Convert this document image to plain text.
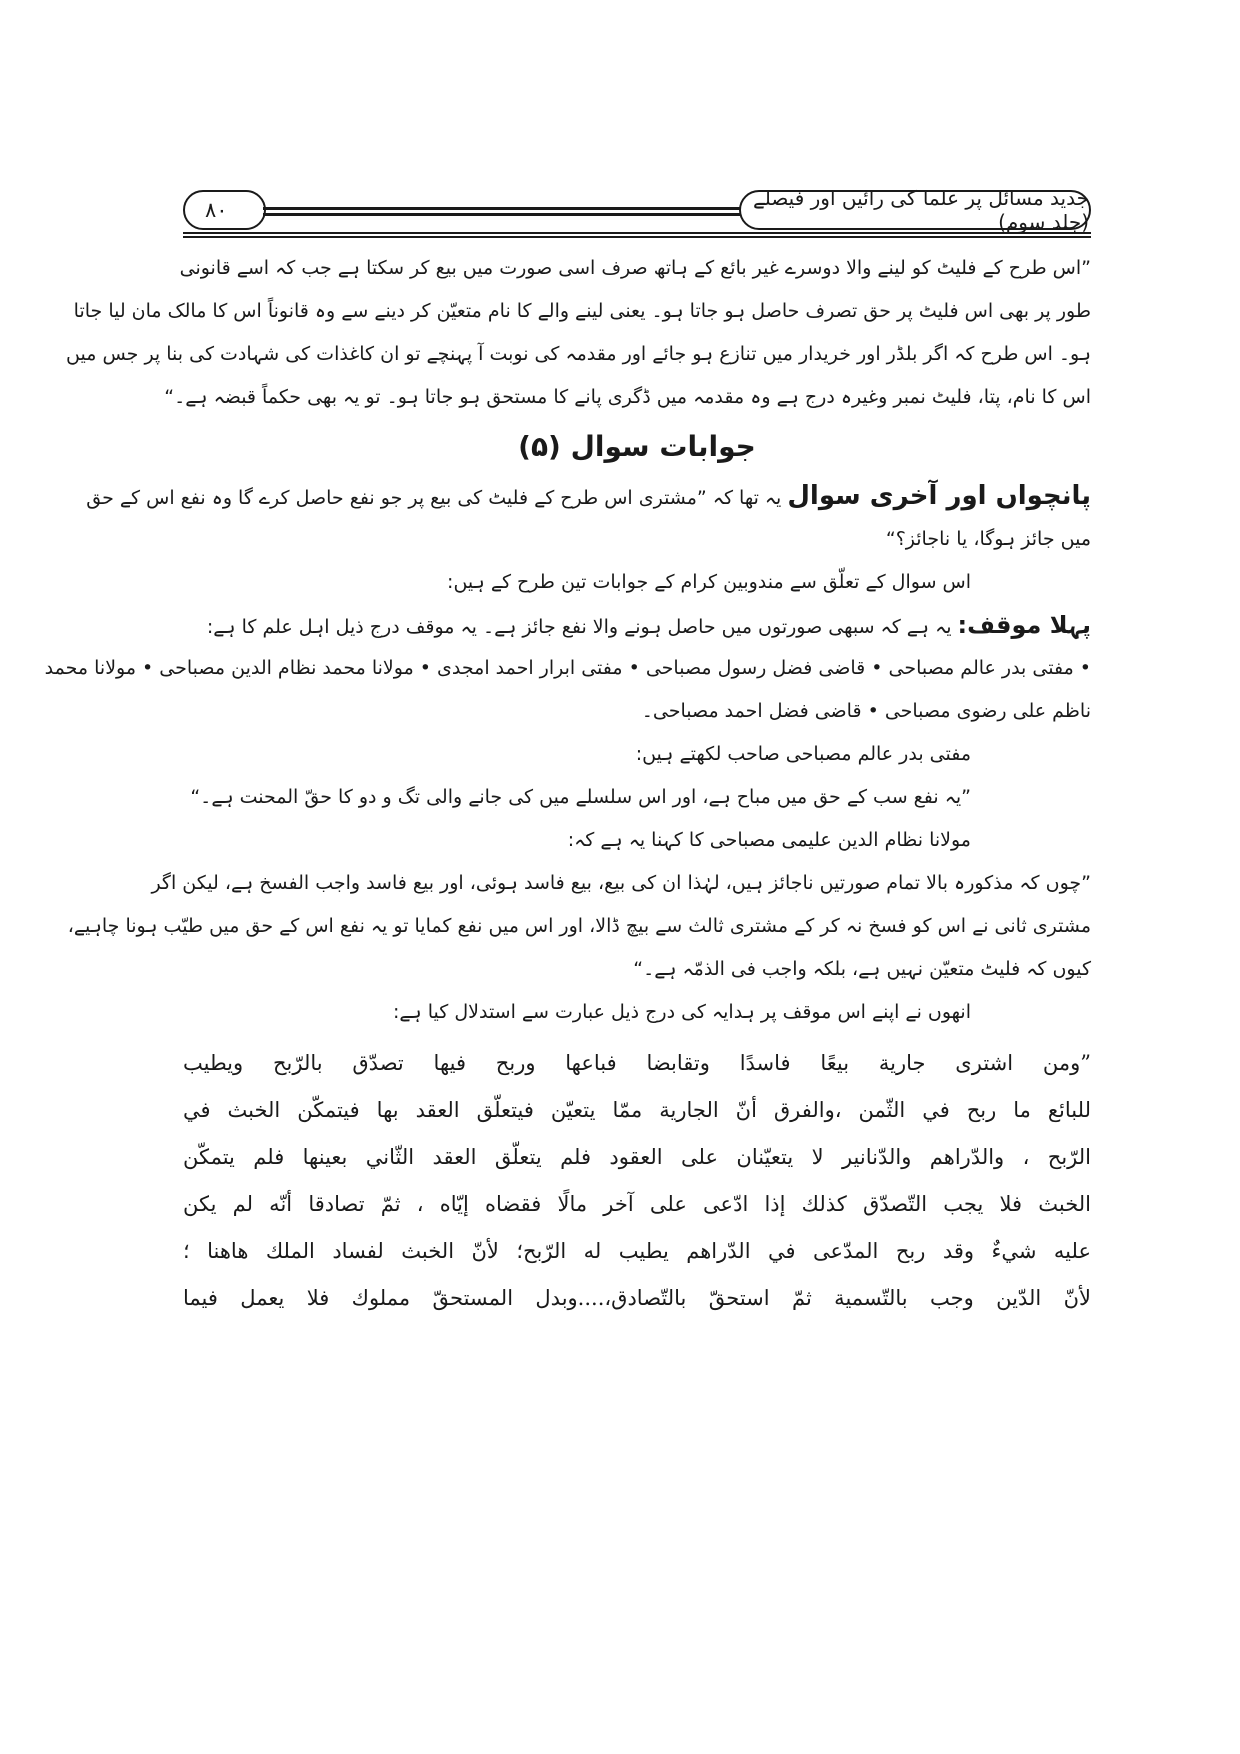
۸۰	جدید مسائل پر علما کی رائیں اور فیصلے (جلد سوم)
”اس طرح کے فلیٹ کو لینے والا دوسرے غیر بائع کے ہاتھ صرف اسی صورت میں بیع کر سکتا ہے جب کہ اسے قانونی
طور پر بھی اس فلیٹ پر حق تصرف حاصل ہو جاتا ہو۔ یعنی لینے والے کا نام متعیّن کر دینے سے وہ قانوناً اس کا مالک مان لیا جاتا
ہو۔ اس طرح کہ اگر بلڈر اور خریدار میں تنازع ہو جائے اور مقدمہ کی نوبت آ پہنچے تو ان کاغذات کی شہادت کی بنا پر جس میں
اس کا نام، پتا، فلیٹ نمبر وغیرہ درج ہے وہ مقدمہ میں ڈگری پانے کا مستحق ہو جاتا ہو۔ تو یہ بھی حکماً قبضہ ہے۔“
جوابات سوال (۵)
پانچواں اور آخری سوال یہ تھا کہ ”مشتری اس طرح کے فلیٹ کی بیع پر جو نفع حاصل کرے گا وہ نفع اس کے حق
میں جائز ہوگا، یا ناجائز؟“
اس سوال کے تعلّق سے مندوبین کرام کے جوابات تین طرح کے ہیں:
پہلا موقف: یہ ہے کہ سبھی صورتوں میں حاصل ہونے والا نفع جائز ہے۔ یہ موقف درج ذیل اہل علم کا ہے:
• مفتی بدر عالم مصباحی • قاضی فضل رسول مصباحی • مفتی ابرار احمد امجدی • مولانا محمد نظام الدین مصباحی • مولانا محمد
ناظم علی رضوی مصباحی • قاضی فضل احمد مصباحی۔
مفتی بدر عالم مصباحی صاحب لکھتے ہیں:
”یہ نفع سب کے حق میں مباح ہے، اور اس سلسلے میں کی جانے والی تگ و دو کا حقّ المحنت ہے۔“
مولانا نظام الدین علیمی مصباحی کا کہنا یہ ہے کہ:
”چوں کہ مذکورہ بالا تمام صورتیں ناجائز ہیں، لہٰذا ان کی بیع، بیع فاسد ہوئی، اور بیع فاسد واجب الفسخ ہے، لیکن اگر
مشتری ثانی نے اس کو فسخ نہ کر کے مشتری ثالث سے بیچ ڈالا، اور اس میں نفع کمایا تو یہ نفع اس کے حق میں طیّب ہونا چاہیے،
کیوں کہ فلیٹ متعیّن نہیں ہے، بلکہ واجب فی الذمّہ ہے۔“
انھوں نے اپنے اس موقف پر ہدایہ کی درج ذیل عبارت سے استدلال کیا ہے:
”ومن اشترى جارية بيعًا فاسدًا وتقابضا فباعها وربح فيها تصدّق بالرّبح ويطيب
للبائع ما ربح في الثّمن ،والفرق أنّ الجارية ممّا يتعيّن فيتعلّق العقد بها فيتمكّن الخبث في
الرّبح ، والدّراهم والدّنانير لا يتعيّنان على العقود فلم يتعلّق العقد الثّاني بعينها فلم يتمكّن
الخبث فلا يجب التّصدّق كذلك إذا ادّعى على آخر مالًا فقضاه إيّاه ، ثمّ تصادقا أنّه لم يكن
عليه شيءٌ وقد ربح المدّعى في الدّراهم يطيب له الرّبح؛ لأنّ الخبث لفساد الملك هاهنا ؛
لأنّ الدّين وجب بالتّسمية ثمّ استحقّ بالتّصادق،....وبدل المستحقّ مملوك فلا يعمل فيما
